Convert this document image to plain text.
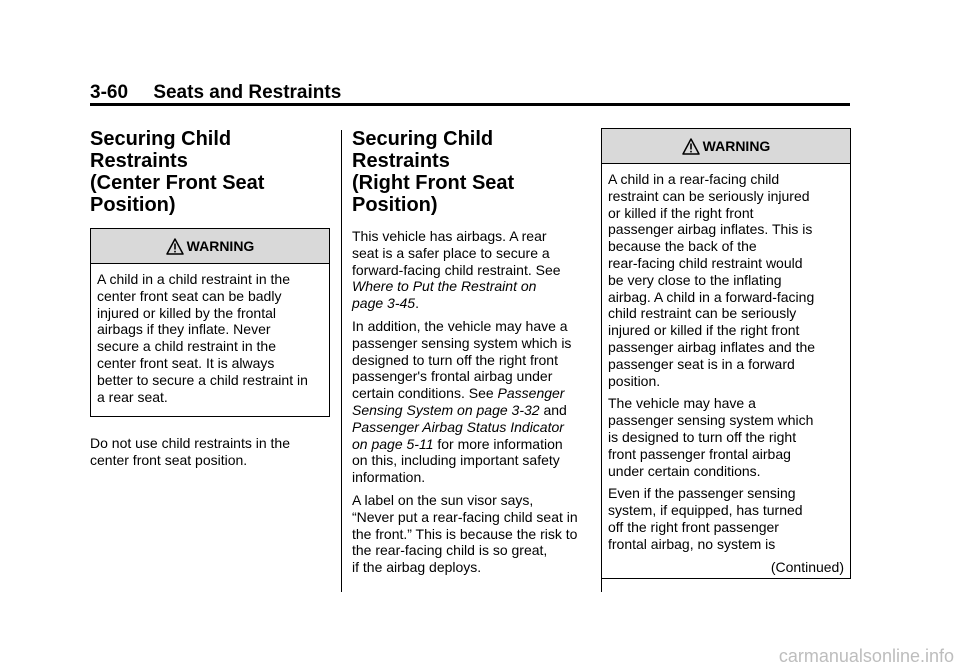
3-60 Seats and Restraints
Securing Child Restraints
(Center Front Seat
Position)
WARNING

A child in a child restraint in the
center front seat can be badly
injured or killed by the frontal
airbags if they inflate. Never
secure a child restraint in the
center front seat. It is always
better to secure a child restraint in
a rear seat.

Do not use child restraints in the
center front seat position.

Securing Child Restraints
(Right Front Seat
Position)

This vehicle has airbags. A rear
seat is a safer place to secure a
forward-facing child restraint. See
Where to Put the Restraint on
page 3-45.

In addition, the vehicle may have a
passenger sensing system which is
designed to turn off the right front
passenger's frontal airbag under
certain conditions. See Passenger
Sensing System on page 3-32 and
Passenger Airbag Status Indicator
on page 5-11 for more information
on this, including important safety
information.

A label on the sun visor says,
“Never put a rear-facing child seat in
the front.” This is because the risk to
the rear-facing child is so great,
if the airbag deploys.

WARNING

A child in a rear-facing child
restraint can be seriously injured
or killed if the right front
passenger airbag inflates. This is
because the back of the
rear-facing child restraint would
be very close to the inflating
airbag. A child in a forward-facing
child restraint can be seriously
injured or killed if the right front
passenger airbag inflates and the
passenger seat is in a forward
position.

The vehicle may have a
passenger sensing system which
is designed to turn off the right
front passenger frontal airbag
under certain conditions.

Even if the passenger sensing
system, if equipped, has turned
off the right front passenger
frontal airbag, no system is

(Continued)
carmanualsonline.info
